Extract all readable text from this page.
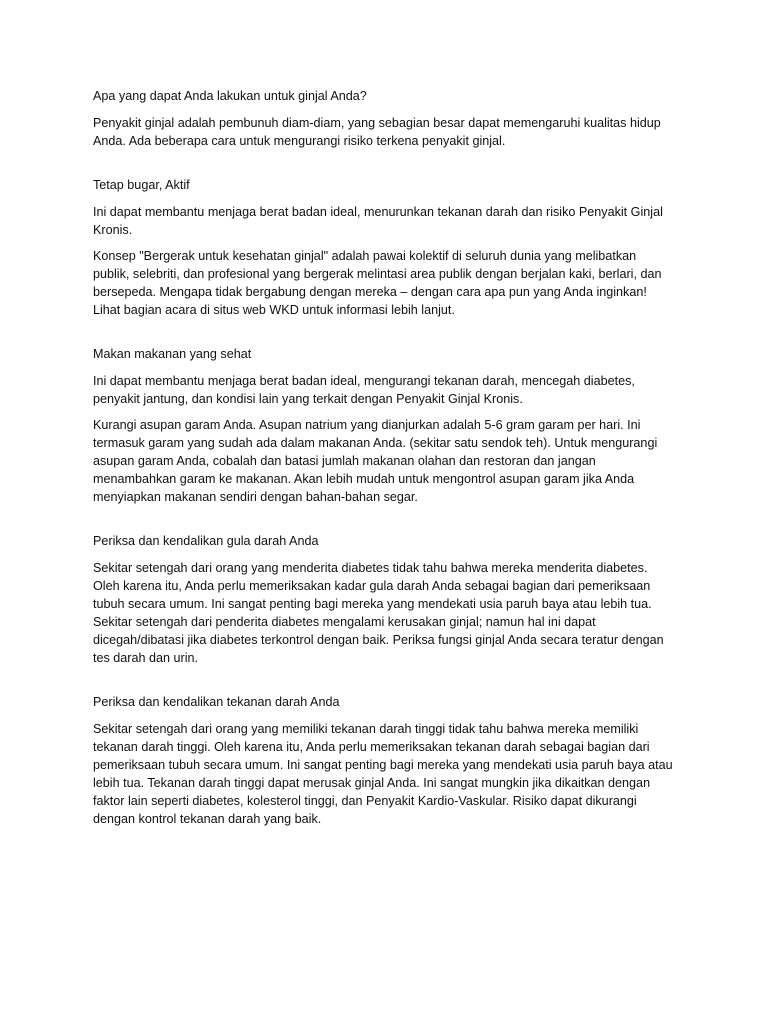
Apa yang dapat Anda lakukan untuk ginjal Anda?

Penyakit ginjal adalah pembunuh diam-diam, yang sebagian besar dapat memengaruhi kualitas hidup Anda. Ada beberapa cara untuk mengurangi risiko terkena penyakit ginjal.

Tetap bugar, Aktif

Ini dapat membantu menjaga berat badan ideal, menurunkan tekanan darah dan risiko Penyakit Ginjal Kronis.

Konsep "Bergerak untuk kesehatan ginjal" adalah pawai kolektif di seluruh dunia yang melibatkan publik, selebriti, dan profesional yang bergerak melintasi area publik dengan berjalan kaki, berlari, dan bersepeda. Mengapa tidak bergabung dengan mereka – dengan cara apa pun yang Anda inginkan! Lihat bagian acara di situs web WKD untuk informasi lebih lanjut.

Makan makanan yang sehat

Ini dapat membantu menjaga berat badan ideal, mengurangi tekanan darah, mencegah diabetes, penyakit jantung, dan kondisi lain yang terkait dengan Penyakit Ginjal Kronis.

Kurangi asupan garam Anda. Asupan natrium yang dianjurkan adalah 5-6 gram garam per hari. Ini termasuk garam yang sudah ada dalam makanan Anda. (sekitar satu sendok teh). Untuk mengurangi asupan garam Anda, cobalah dan batasi jumlah makanan olahan dan restoran dan jangan menambahkan garam ke makanan. Akan lebih mudah untuk mengontrol asupan garam jika Anda menyiapkan makanan sendiri dengan bahan-bahan segar.

Periksa dan kendalikan gula darah Anda

Sekitar setengah dari orang yang menderita diabetes tidak tahu bahwa mereka menderita diabetes. Oleh karena itu, Anda perlu memeriksakan kadar gula darah Anda sebagai bagian dari pemeriksaan tubuh secara umum. Ini sangat penting bagi mereka yang mendekati usia paruh baya atau lebih tua. Sekitar setengah dari penderita diabetes mengalami kerusakan ginjal; namun hal ini dapat dicegah/dibatasi jika diabetes terkontrol dengan baik. Periksa fungsi ginjal Anda secara teratur dengan tes darah dan urin.

Periksa dan kendalikan tekanan darah Anda

Sekitar setengah dari orang yang memiliki tekanan darah tinggi tidak tahu bahwa mereka memiliki tekanan darah tinggi. Oleh karena itu, Anda perlu memeriksakan tekanan darah sebagai bagian dari pemeriksaan tubuh secara umum. Ini sangat penting bagi mereka yang mendekati usia paruh baya atau lebih tua. Tekanan darah tinggi dapat merusak ginjal Anda. Ini sangat mungkin jika dikaitkan dengan faktor lain seperti diabetes, kolesterol tinggi, dan Penyakit Kardio-Vaskular. Risiko dapat dikurangi dengan kontrol tekanan darah yang baik.
